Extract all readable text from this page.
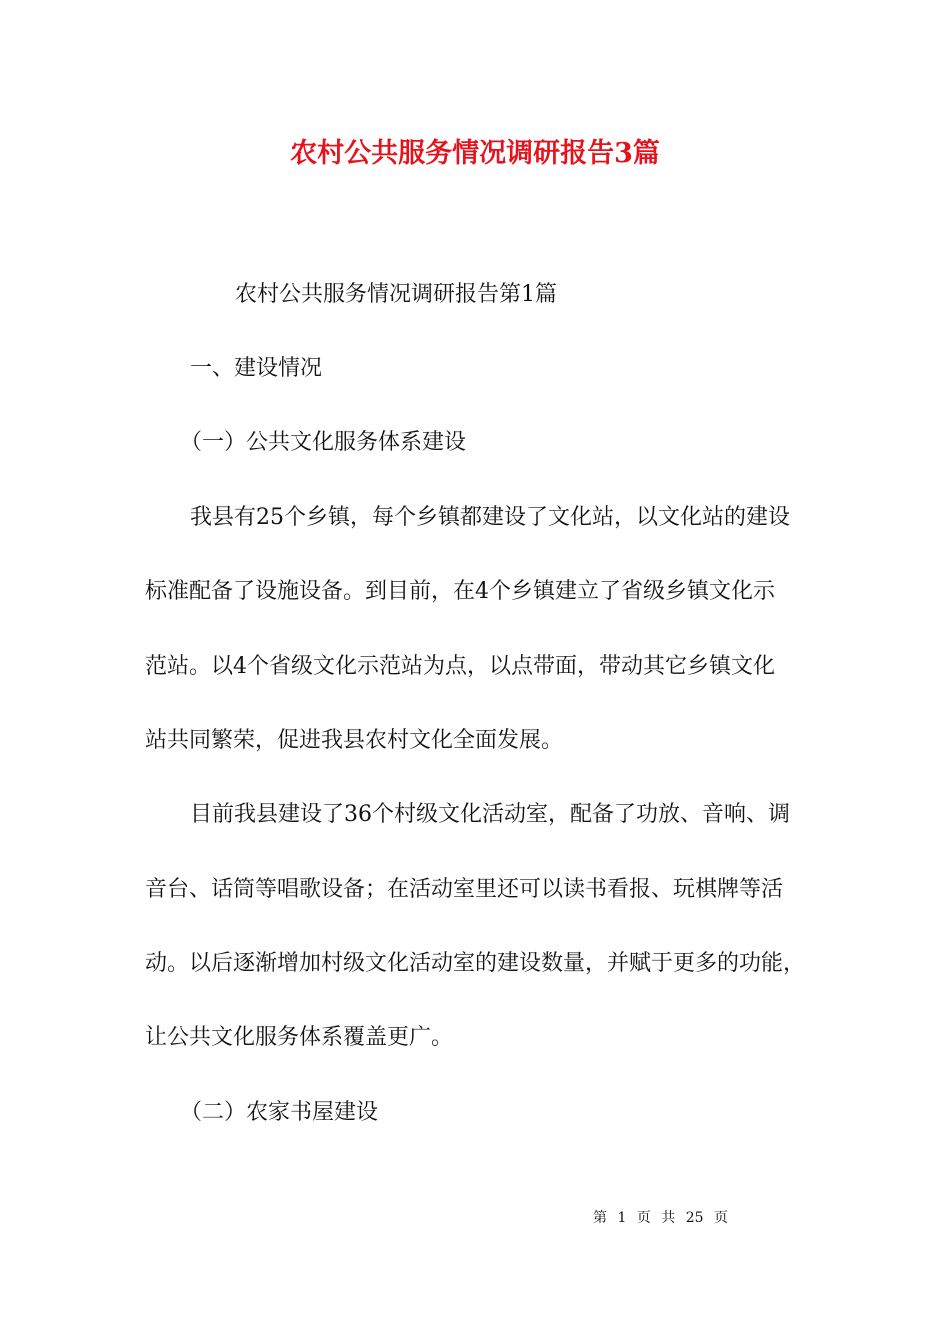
农村公共服务情况调研报告3篇
农村公共服务情况调研报告第1篇
一、建设情况
（一）公共文化服务体系建设
我县有25个乡镇，每个乡镇都建设了文化站，以文化站的建设
标准配备了设施设备。到目前，在4个乡镇建立了省级乡镇文化示
范站。以4个省级文化示范站为点，以点带面，带动其它乡镇文化
站共同繁荣，促进我县农村文化全面发展。
目前我县建设了36个村级文化活动室，配备了功放、音响、调
音台、话筒等唱歌设备；在活动室里还可以读书看报、玩棋牌等活
动。以后逐渐增加村级文化活动室的建设数量，并赋于更多的功能，
让公共文化服务体系覆盖更广。
（二）农家书屋建设
第 1 页 共 25 页
